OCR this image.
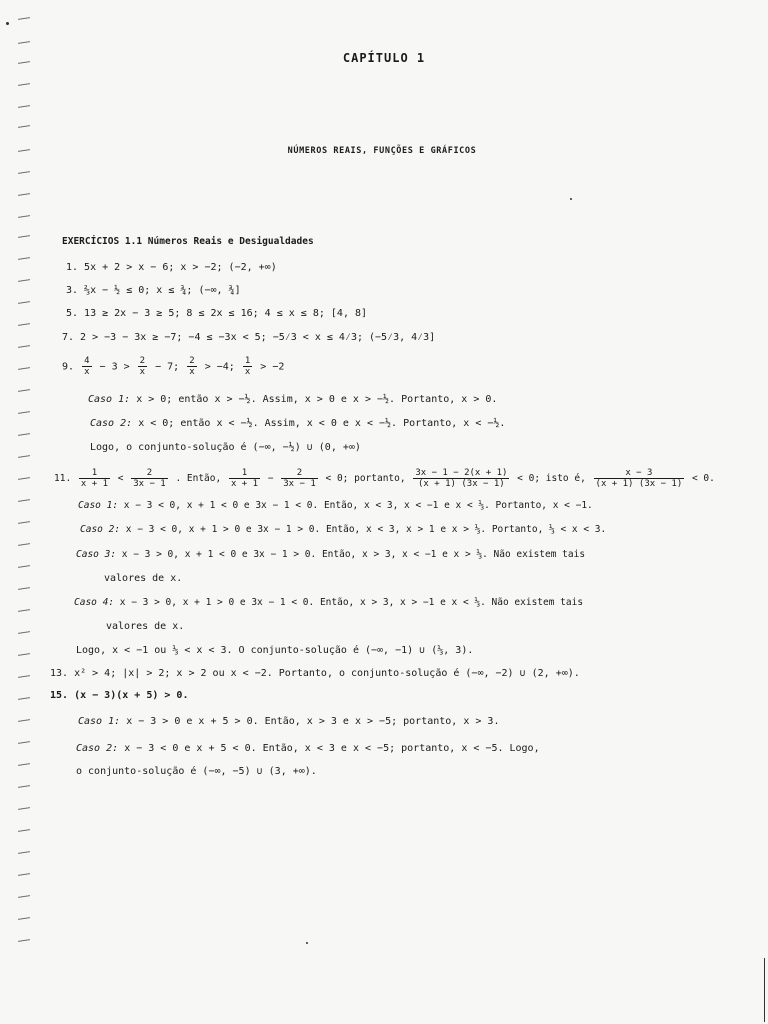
CAPÍTULO 1
NÚMEROS REAIS, FUNÇÕES E GRÁFICOS
EXERCÍCIOS 1.1 Números Reais e Desigualdades
1. 5x + 2 > x − 6; x > −2; (−2, +∞)
3. ⅔x − ½ ≤ 0; x ≤ ¾; (−∞, ¾]
5. 13 ≥ 2x − 3 ≥ 5; 8 ≤ 2x ≤ 16; 4 ≤ x ≤ 8; [4, 8]
7. 2 > −3 − 3x ≥ −7; −4 ≤ −3x < 5; −5⁄3 < x ≤ 4⁄3; (−5⁄3, 4⁄3]
9. $\frac{4}{x} - 3 > \frac{2}{x} - 7$; $\frac{2}{x} > -4$; $\frac{1}{x} > -2$
Caso 1: x > 0; então x > −½. Assim, x > 0 e x > −½. Portanto, x > 0.
Caso 2: x < 0; então x < −½. Assim, x < 0 e x < −½. Portanto, x < −½.
Logo, o conjunto-solução é (−∞, −½) ∪ (0, +∞)
11. $\frac{1}{x + 1} < \frac{2}{3x - 1}$ . Então, $\frac{1}{x + 1} - \frac{2}{3x - 1} < 0$; portanto, $\frac{3x - 1 - 2(x + 1)}{(x + 1) (3x - 1)} < 0$; isto é, $\frac{x - 3}{(x + 1) (3x - 1)} < 0$.
Caso 1: x − 3 < 0, x + 1 < 0 e 3x − 1 < 0. Então, x < 3, x < −1 e x < ⅓. Portanto, x < −1.
Caso 2: x − 3 < 0, x + 1 > 0 e 3x − 1 > 0. Então, x < 3, x > 1 e x > ⅓. Portanto, ⅓ < x < 3.
Caso 3: x − 3 > 0, x + 1 < 0 e 3x − 1 > 0. Então, x > 3, x < −1 e x > ⅓. Não existem tais
valores de x.
Caso 4: x − 3 > 0, x + 1 > 0 e 3x − 1 < 0. Então, x > 3, x > −1 e x < ⅓. Não existem tais
valores de x.
Logo, x < −1 ou ⅓ < x < 3. O conjunto-solução é (−∞, −1) ∪ (⅓, 3).
13. x² > 4; |x| > 2; x > 2 ou x < −2. Portanto, o conjunto-solução é (−∞, −2) ∪ (2, +∞).
15. (x − 3)(x + 5) > 0.
Caso 1: x − 3 > 0 e x + 5 > 0. Então, x > 3 e x > −5; portanto, x > 3.
Caso 2: x − 3 < 0 e x + 5 < 0. Então, x < 3 e x < −5; portanto, x < −5. Logo,
o conjunto-solução é (−∞, −5) ∪ (3, +∞).
